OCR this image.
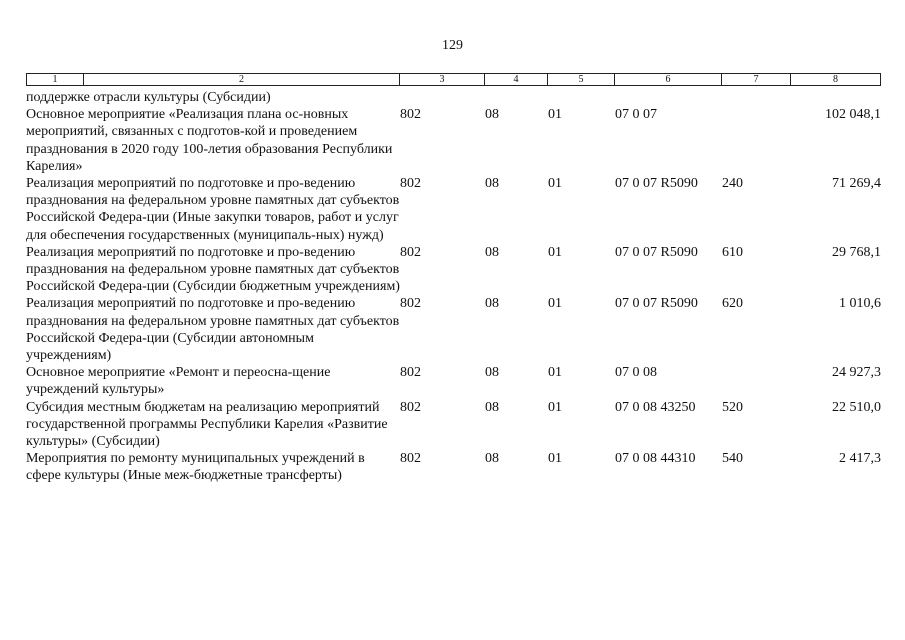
129
1	2	3	4	5	6	7	8
	поддержке отрасли культуры (Субсидии)						
	Основное мероприятие «Реализация плана ос-новных мероприятий, связанных с подготов-кой и проведением празднования в 2020 году 100-летия образования Республики Карелия»	802	08	01	07 0 07		102 048,1
	Реализация мероприятий по подготовке и про-ведению празднования на федеральном уровне памятных дат субъектов Российской Федера-ции (Иные закупки товаров, работ и услуг для обеспечения государственных (муниципаль-ных) нужд)	802	08	01	07 0 07 R5090	240	71 269,4
	Реализация мероприятий по подготовке и про-ведению празднования на федеральном уровне памятных дат субъектов Российской Федера-ции (Субсидии бюджетным учреждениям)	802	08	01	07 0 07 R5090	610	29 768,1
	Реализация мероприятий по подготовке и про-ведению празднования на федеральном уровне памятных дат субъектов Российской Федера-ции (Субсидии автономным учреждениям)	802	08	01	07 0 07 R5090	620	1 010,6
	Основное мероприятие «Ремонт и переосна-щение учреждений культуры»	802	08	01	07 0 08		24 927,3
	Субсидия местным бюджетам на реализацию мероприятий государственной программы Республики Карелия «Развитие культуры» (Субсидии)	802	08	01	07 0 08 43250	520	22 510,0
	Мероприятия по ремонту муниципальных учреждений в сфере культуры (Иные меж-бюджетные трансферты)	802	08	01	07 0 08 44310	540	2 417,3
